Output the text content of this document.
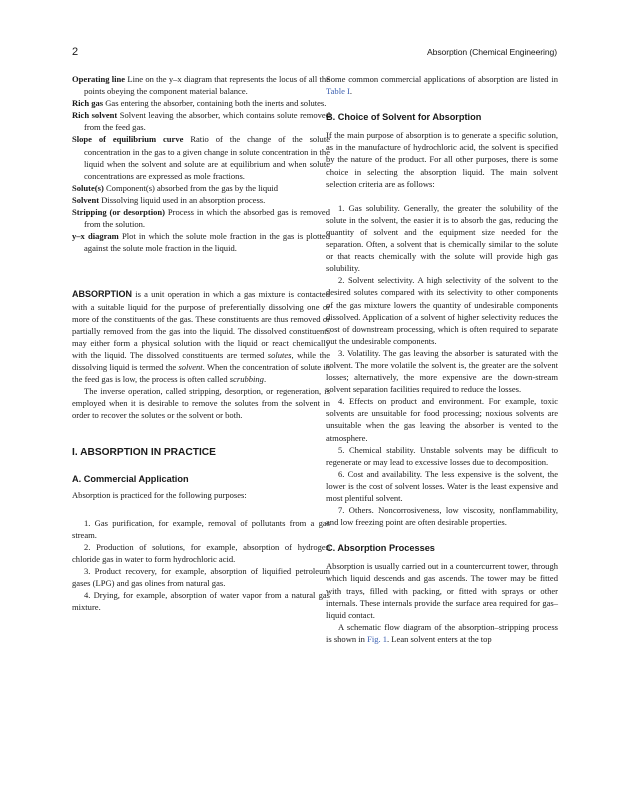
2	Absorption (Chemical Engineering)

Operating line Line on the y–x diagram that represents the locus of all the points obeying the component material balance.

Rich gas Gas entering the absorber, containing both the inerts and solutes.

Rich solvent Solvent leaving the absorber, which contains solute removed from the feed gas.

Slope of equilibrium curve Ratio of the change of the solute concentration in the gas to a given change in solute concentration in the liquid when the solvent and solute are at equilibrium and when solute concentrations are expressed as mole fractions.

Solute(s) Component(s) absorbed from the gas by the liquid

Solvent Dissolving liquid used in an absorption process.

Stripping (or desorption) Process in which the absorbed gas is removed from the solution.

y–x diagram Plot in which the solute mole fraction in the gas is plotted against the solute mole fraction in the liquid.

ABSORPTION is a unit operation in which a gas mixture is contacted with a suitable liquid for the purpose of preferentially dissolving one or more of the constituents of the gas. These constituents are thus removed or partially removed from the gas into the liquid. The dissolved constituents may either form a physical solution with the liquid or react chemically with the liquid. The dissolved constituents are termed solutes, while the dissolving liquid is termed the solvent. When the concentration of solute in the feed gas is low, the process is often called scrubbing.

The inverse operation, called stripping, desorption, or regeneration, is employed when it is desirable to remove the solutes from the solvent in order to recover the solutes or the solvent or both.

I. ABSORPTION IN PRACTICE

A. Commercial Application

Absorption is practiced for the following purposes:

1. Gas purification, for example, removal of pollutants from a gas stream.

2. Production of solutions, for example, absorption of hydrogen chloride gas in water to form hydrochloric acid.

3. Product recovery, for example, absorption of liquified petroleum gases (LPG) and gas olines from natural gas.

4. Drying, for example, absorption of water vapor from a natural gas mixture.

Some common commercial applications of absorption are listed in Table I.

B. Choice of Solvent for Absorption

If the main purpose of absorption is to generate a specific solution, as in the manufacture of hydrochloric acid, the solvent is specified by the nature of the product. For all other purposes, there is some choice in selecting the absorption liquid. The main solvent selection criteria are as follows:

1. Gas solubility. Generally, the greater the solubility of the solute in the solvent, the easier it is to absorb the gas, reducing the quantity of solvent and the equipment size needed for the separation. Often, a solvent that is chemically similar to the solute or that reacts chemically with the solute will provide high gas solubility.

2. Solvent selectivity. A high selectivity of the solvent to the desired solutes compared with its selectivity to other components of the gas mixture lowers the quantity of undesirable components dissolved. Application of a solvent of higher selectivity reduces the cost of downstream processing, which is often required to separate out the undesirable components.

3. Volatility. The gas leaving the absorber is saturated with the solvent. The more volatile the solvent is, the greater are the solvent losses; alternatively, the more expensive are the down-stream solvent separation facilities required to reduce the losses.

4. Effects on product and environment. For example, toxic solvents are unsuitable for food processing; noxious solvents are unsuitable when the gas leaving the absorber is vented to the atmosphere.

5. Chemical stability. Unstable solvents may be difficult to regenerate or may lead to excessive losses due to decomposition.

6. Cost and availability. The less expensive is the solvent, the lower is the cost of solvent losses. Water is the least expensive and most plentiful solvent.

7. Others. Noncorrosiveness, low viscosity, nonflammability, and low freezing point are often desirable properties.

C. Absorption Processes

Absorption is usually carried out in a countercurrent tower, through which liquid descends and gas ascends. The tower may be fitted with trays, filled with packing, or fitted with sprays or other internals. These internals provide the surface area required for gas–liquid contact.

A schematic flow diagram of the absorption–stripping process is shown in Fig. 1. Lean solvent enters at the top
